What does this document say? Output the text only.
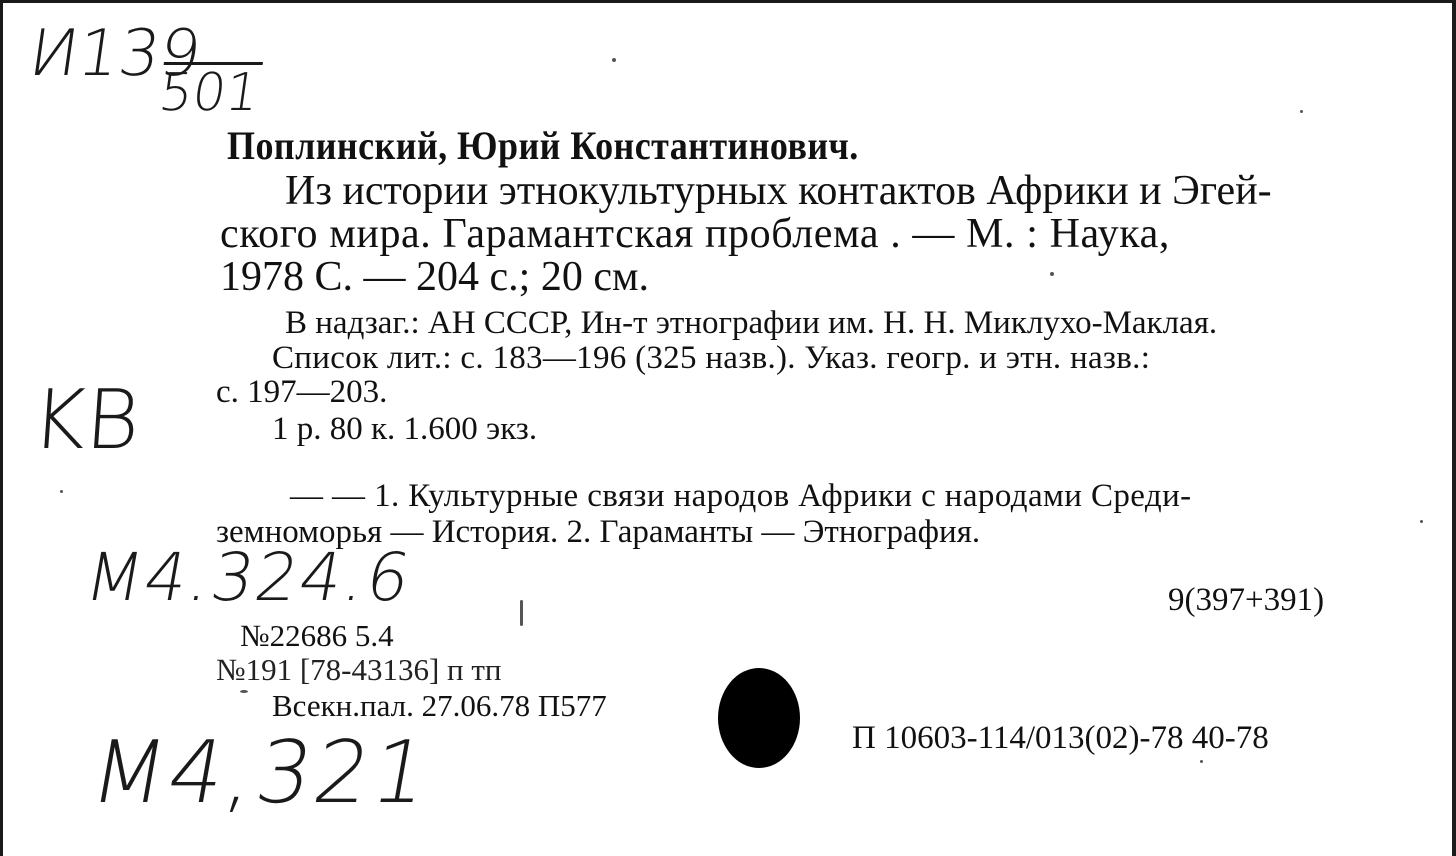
И139
501
Поплинский, Юрий Константинович.
Из истории этнокультурных контактов Африки и Эгей-
ского мира. Гарамантская проблема . — М. : Наука,
1978 С. — 204 с.; 20 см.
В надзаг.: АН СССР, Ин-т этнографии им. Н. Н. Миклухо-Маклая.
Список лит.: с. 183—196 (325 назв.). Указ. геогр. и этн. назв.:
с. 197—203.
1 р. 80 к. 1.600 экз.
KB
— — 1. Культурные связи народов Африки с народами Среди-
земноморья — История. 2. Гараманты — Этнография.
М4.324.6	9(397+391)
№22686 5.4
№191 [78-43136] п тп
Всекн.пал. 27.06.78 П577
П 10603-114/013(02)-78 40-78
М4,321
